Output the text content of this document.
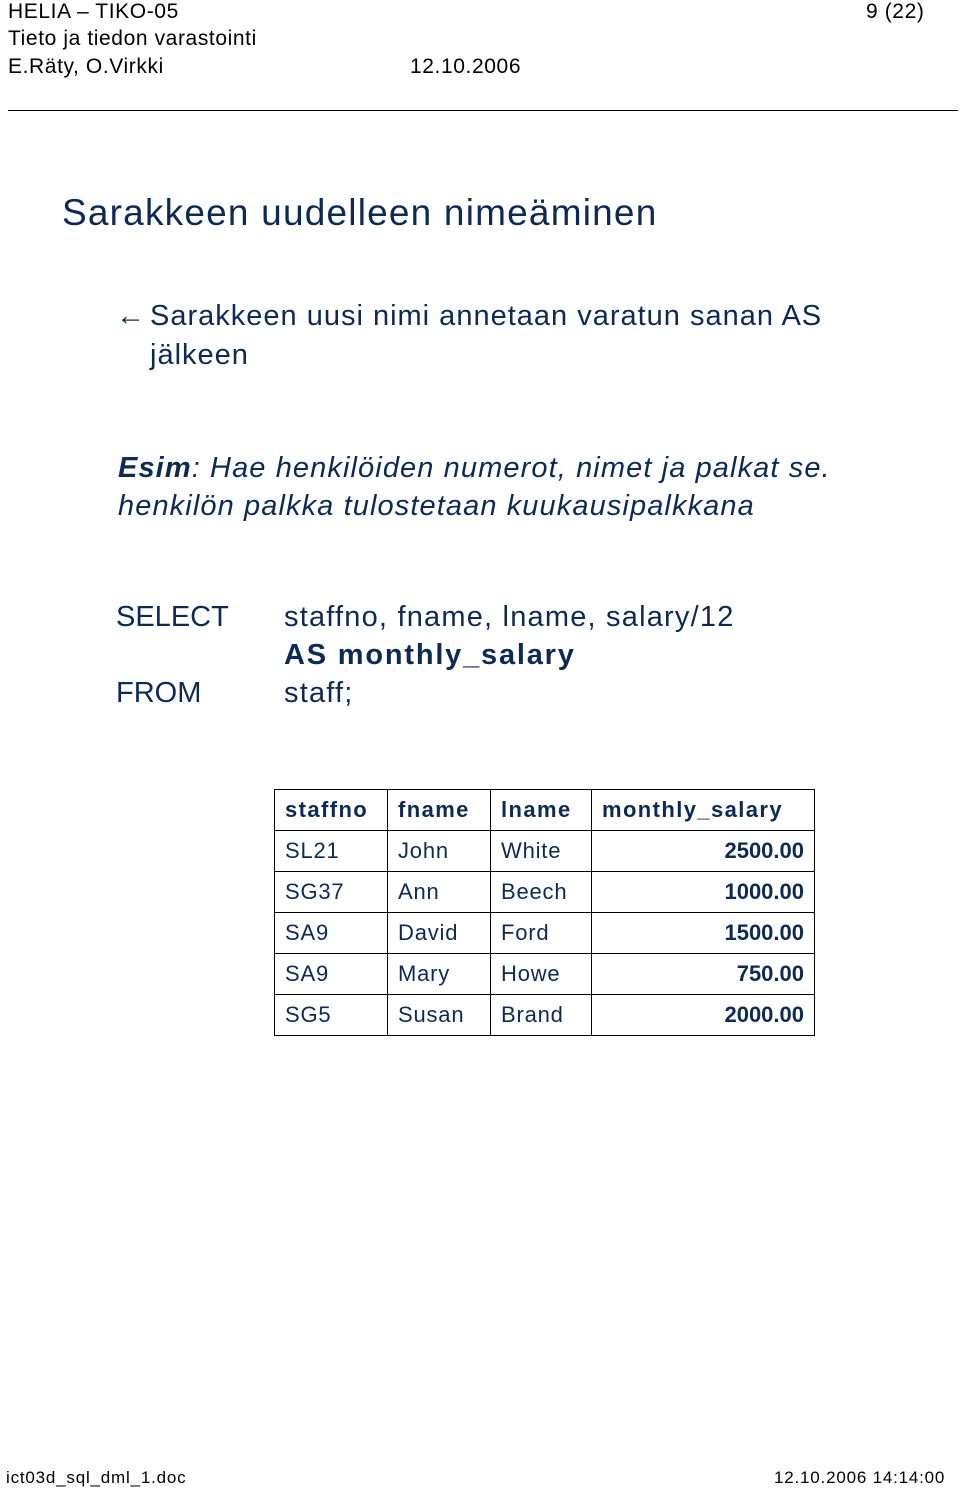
HELIA – TIKO-05	9 (22)
Tieto ja tiedon varastointi
E.Räty, O.Virkki	12.10.2006
Sarakkeen uudelleen nimeäminen
← Sarakkeen uusi nimi annetaan varatun sanan AS
jälkeen
Esim: Hae henkilöiden numerot, nimet ja palkat se.
henkilön palkka tulostetaan kuukausipalkkana
SELECT staffno, fname, lname, salary/12
AS monthly_salary
FROM	staff;
staffno	fname	lname	monthly_salary
SL21	John	White	2500.00
SG37	Ann	Beech	1000.00
SA9	David	Ford	1500.00
SA9	Mary	Howe	750.00
SG5	Susan	Brand	2000.00
ict03d_sql_dml_1.doc	12.10.2006 14:14:00
